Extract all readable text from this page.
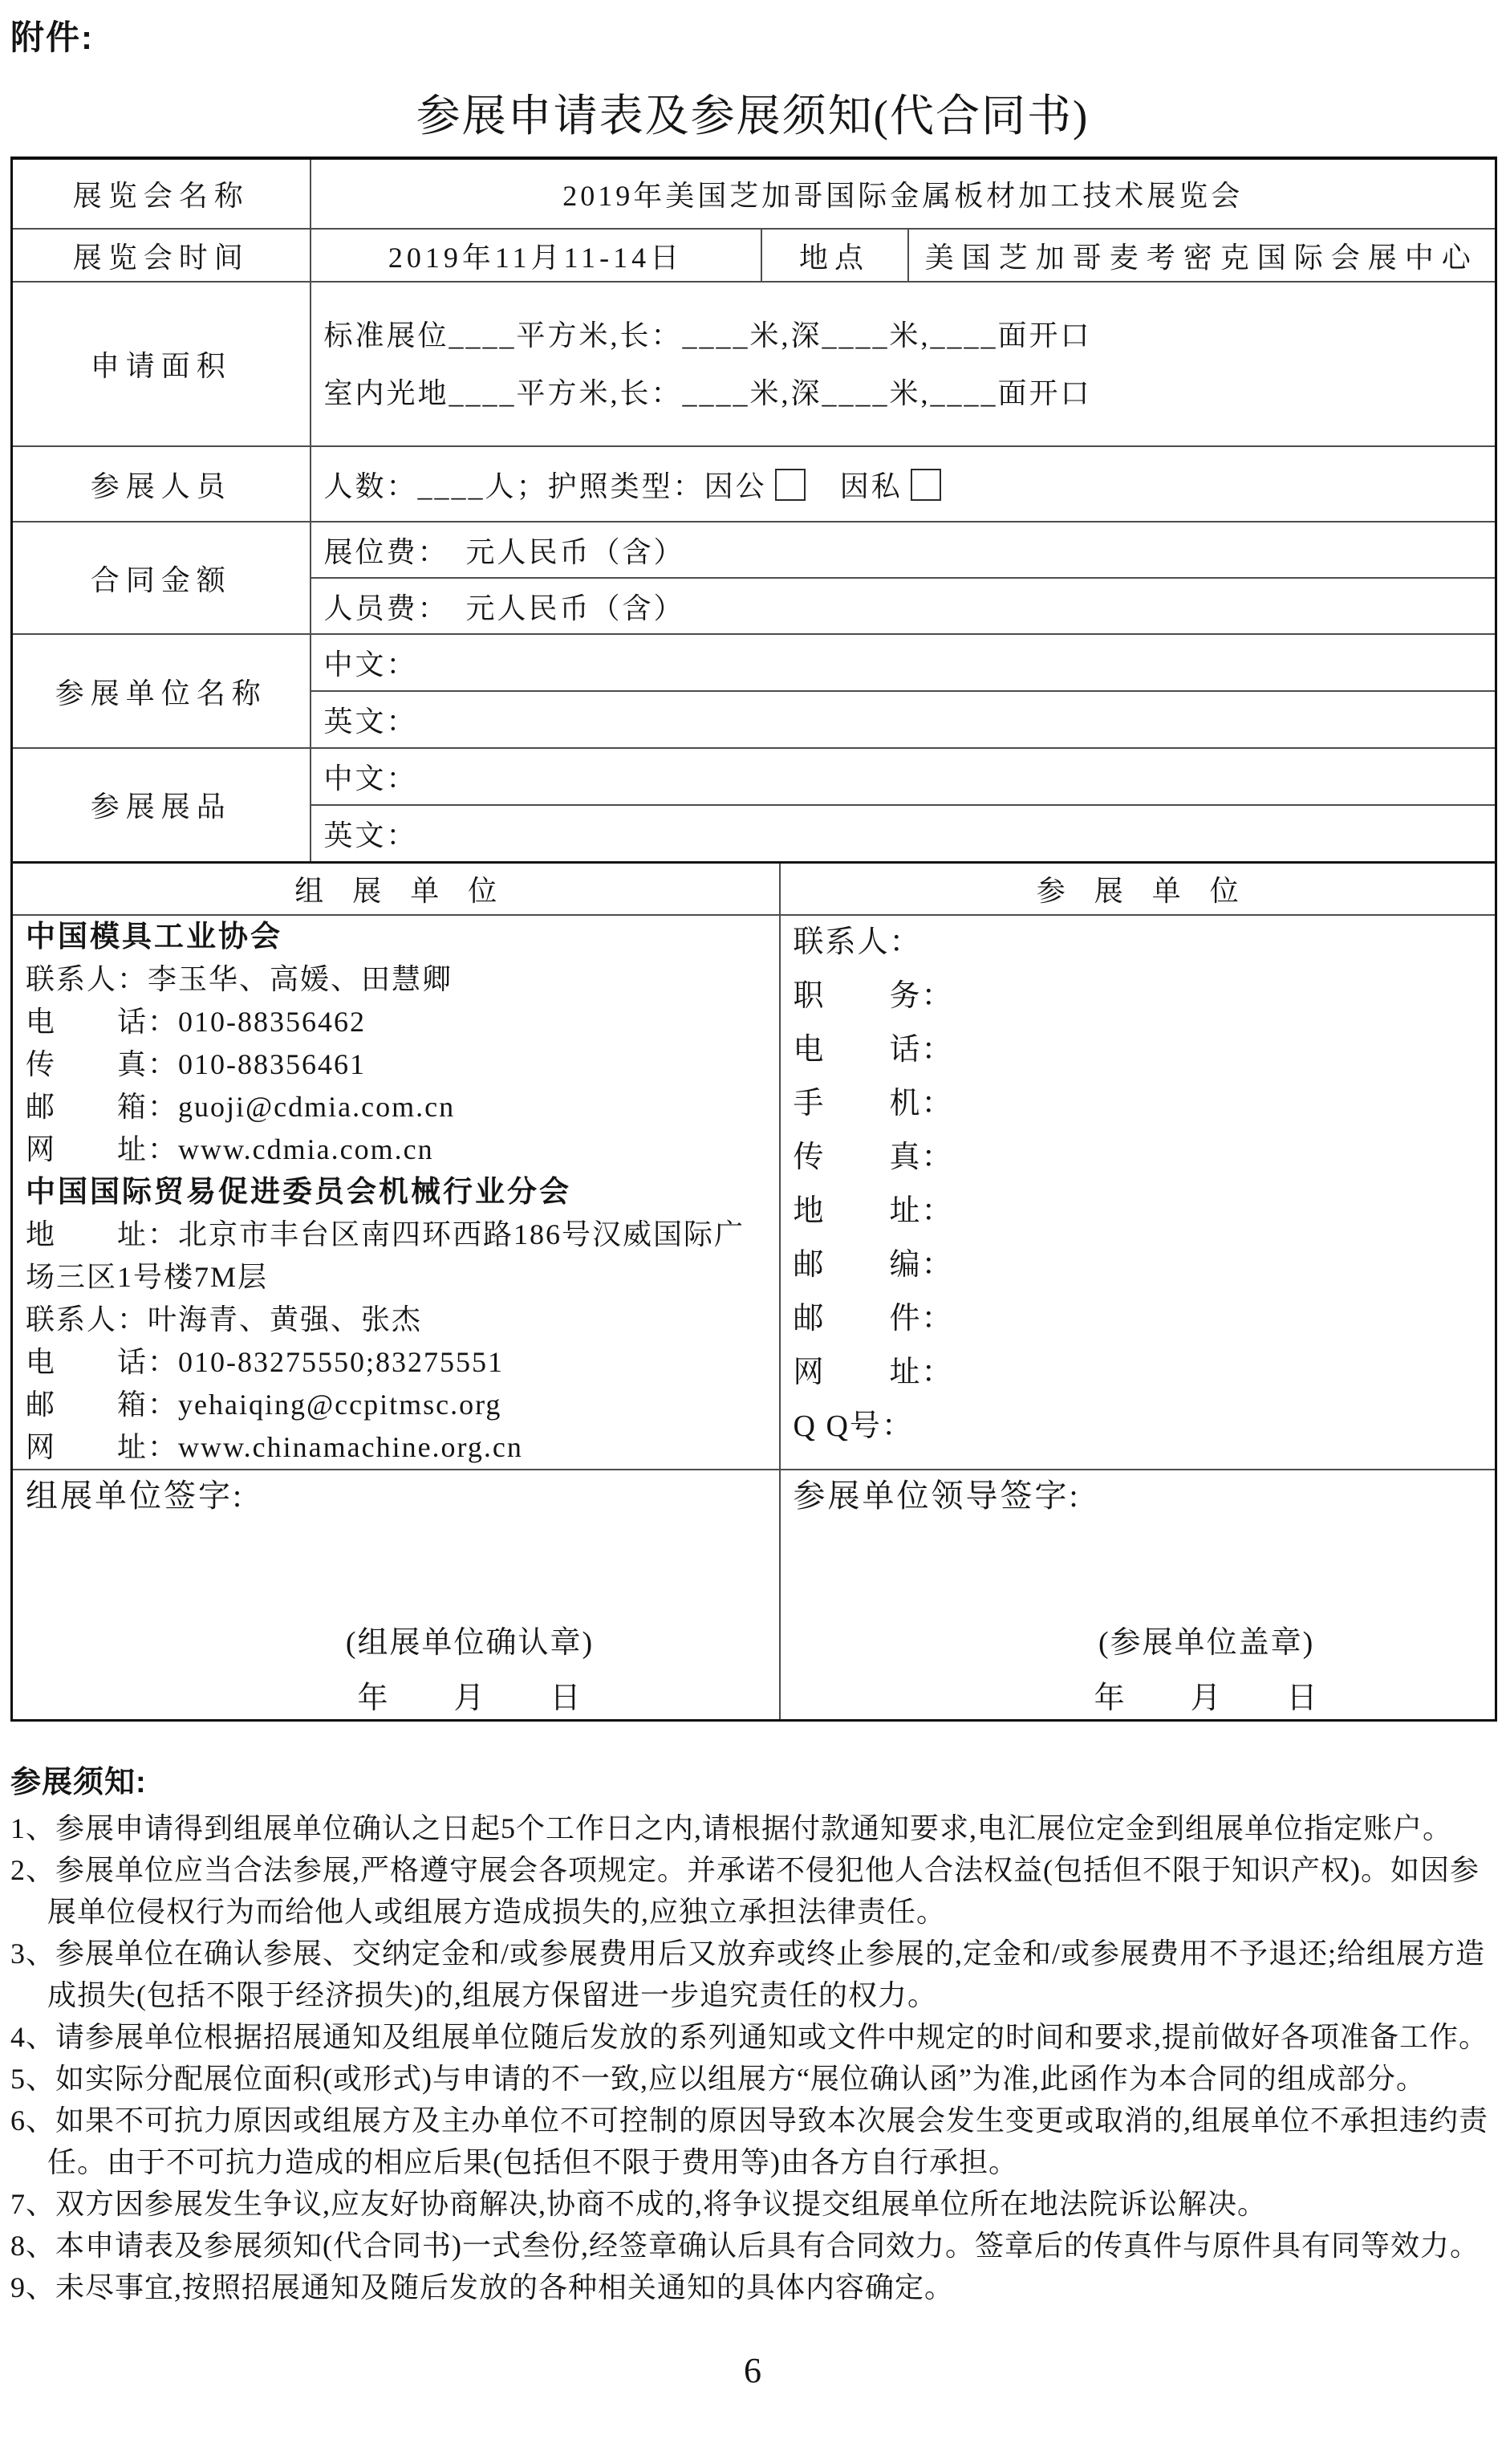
附件:
参展申请表及参展须知(代合同书)
展览会名称	2019年美国芝加哥国际金属板材加工技术展览会			
展览会时间	2019年11月11-14日	地点		美国芝加哥麦考密克国际会展中心
申请面积	标准展位____平方米,长：____米,深____米,____面开口
室内光地____平方米,长：____米,深____米,____面开口			

参展人员	人数：____人；护照类型：因公　 因私			
合同金额	展位费：　元人民币（含）			
	人员费：　元人民币（含）			
参展单位名称	中文：			
	英文：			
参展展品	中文：			
	英文：			
组　展　单　位			参　展　单　位	

中国模具工业协会
联系人：李玉华、高媛、田慧卿
电　　话：010-88356462
传　　真：010-88356461
邮　　箱：guoji@cdmia.com.cn
网　　址：www.cdmia.com.cn
中国国际贸易促进委员会机械行业分会
地　　址：北京市丰台区南四环西路186号汉威国际广场三区1号楼7M层
联系人：叶海青、黄强、张杰
电　　话：010-83275550;83275551
邮　　箱：yehaiqing@ccpitmsc.org
网　　址：www.chinamachine.org.cn

联系人：
职　　务：
电　　话：
手　　机：
传　　真：
地　　址：
邮　　编：
邮　　件：
网　　址：
Q Q号：

组展单位签字:
(组展单位确认章)
年　　月　　日

参展单位领导签字:
(参展单位盖章)
年　　月　　日
参展须知:
1、参展申请得到组展单位确认之日起5个工作日之内,请根据付款通知要求,电汇展位定金到组展单位指定账户。
2、参展单位应当合法参展,严格遵守展会各项规定。并承诺不侵犯他人合法权益(包括但不限于知识产权)。如因参展单位侵权行为而给他人或组展方造成损失的,应独立承担法律责任。
3、参展单位在确认参展、交纳定金和/或参展费用后又放弃或终止参展的,定金和/或参展费用不予退还;给组展方造成损失(包括不限于经济损失)的,组展方保留进一步追究责任的权力。
4、请参展单位根据招展通知及组展单位随后发放的系列通知或文件中规定的时间和要求,提前做好各项准备工作。
5、如实际分配展位面积(或形式)与申请的不一致,应以组展方“展位确认函”为准,此函作为本合同的组成部分。
6、如果不可抗力原因或组展方及主办单位不可控制的原因导致本次展会发生变更或取消的,组展单位不承担违约责任。由于不可抗力造成的相应后果(包括但不限于费用等)由各方自行承担。
7、双方因参展发生争议,应友好协商解决,协商不成的,将争议提交组展单位所在地法院诉讼解决。
8、本申请表及参展须知(代合同书)一式叁份,经签章确认后具有合同效力。签章后的传真件与原件具有同等效力。
9、未尽事宜,按照招展通知及随后发放的各种相关通知的具体内容确定。
6
